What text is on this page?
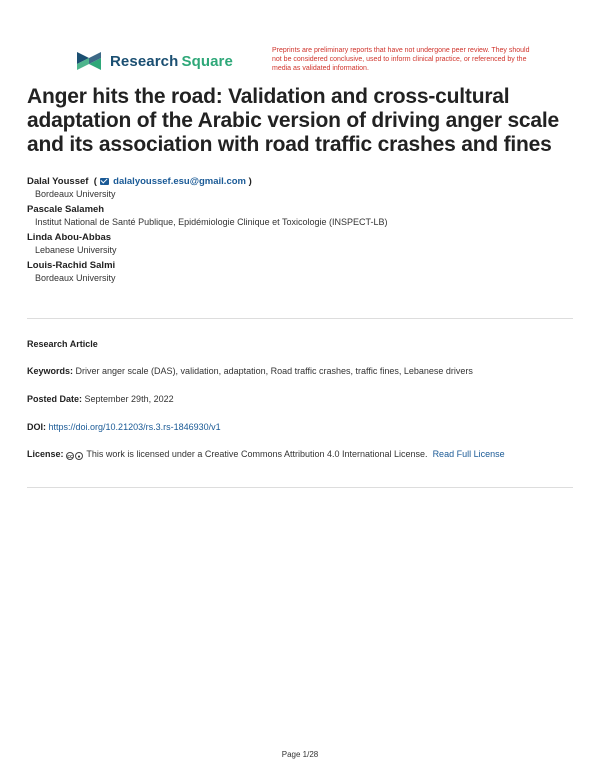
Research  Square
Preprints are preliminary reports that have not undergone peer review. They should not be considered conclusive, used to inform clinical practice, or referenced by the media as validated information.
Anger hits the road: Validation and cross-cultural adaptation of the Arabic version of driving anger scale and its association with road traffic crashes and fines
Dalal Youssef  (  dalalyoussef.esu@gmail.com )
Bordeaux University
Pascale Salameh
Institut National de Santé Publique, Epidémiologie Clinique et Toxicologie (INSPECT-LB)
Linda Abou-Abbas
Lebanese University
Louis-Rachid Salmi
Bordeaux University
Research Article
Keywords: Driver anger scale (DAS), validation, adaptation, Road traffic crashes, traffic fines, Lebanese drivers
Posted Date: September 29th, 2022
DOI: https://doi.org/10.21203/rs.3.rs-1846930/v1
License: cc ● This work is licensed under a Creative Commons Attribution 4.0 International License. Read Full License
Page 1/28
